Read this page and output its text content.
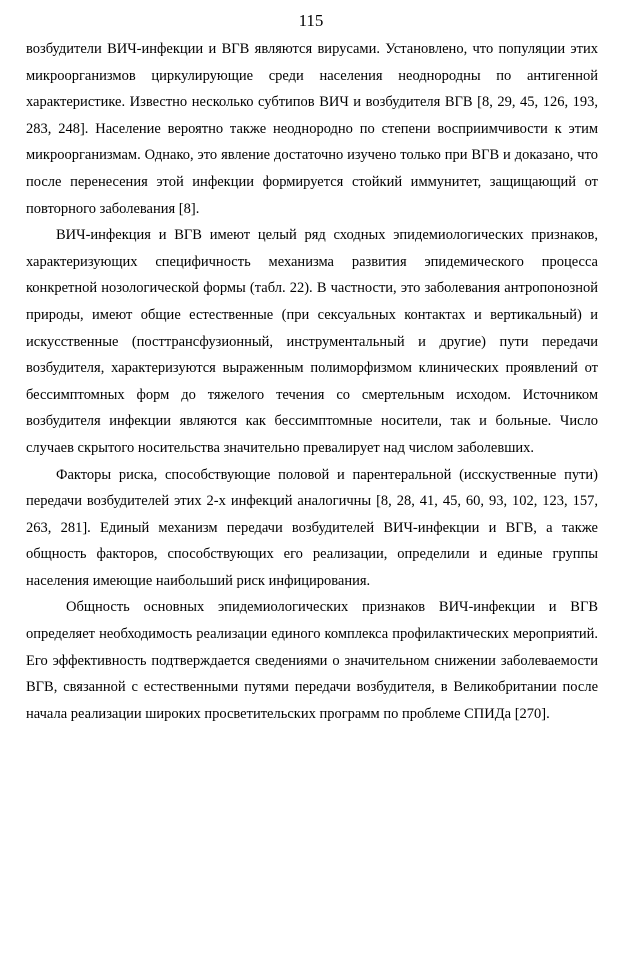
115

возбудители ВИЧ-инфекции и ВГВ являются вирусами. Установлено, что популяции этих микроорганизмов циркулирующие среди населения неоднородны по антигенной характеристике. Известно несколько субтипов ВИЧ и возбудителя ВГВ [8, 29, 45, 126, 193, 283, 248]. Население вероятно также неоднородно по степени восприимчивости к этим микроорганизмам. Однако, это явление достаточно изучено только при ВГВ и доказано, что после перенесения этой инфекции формируется стойкий иммунитет, защищающий от повторного заболевания [8].

ВИЧ-инфекция и ВГВ имеют целый ряд сходных эпидемиологических признаков, характеризующих специфичность механизма развития эпидемического процесса конкретной нозологической формы (табл. 22). В частности, это заболевания антропонозной природы, имеют общие естественные (при сексуальных контактах и вертикальный) и искусственные (посттрансфузионный, инструментальный и другие) пути передачи возбудителя, характеризуются выраженным полиморфизмом клинических проявлений от бессимптомных форм до тяжелого течения со смертельным исходом. Источником возбудителя инфекции являются как бессимптомные носители, так и больные. Число случаев скрытого носительства значительно превалирует над числом заболевших.

Факторы риска, способствующие половой и парентеральной (исскуственные пути) передачи возбудителей этих 2-х инфекций аналогичны [8, 28, 41, 45, 60, 93, 102, 123, 157, 263, 281]. Единый механизм передачи возбудителей ВИЧ-инфекции и ВГВ, а также общность факторов, способствующих его реализации, определили и единые группы населения имеющие наибольший риск инфицирования.

Общность основных эпидемиологических признаков ВИЧ-инфекции и ВГВ определяет необходимость реализации единого комплекса профилактических мероприятий. Его эффективность подтверждается сведениями о значительном снижении заболеваемости ВГВ, связанной с естественными путями передачи возбудителя, в Великобритании после начала реализации широких просветительских программ по проблеме СПИДа [270].
